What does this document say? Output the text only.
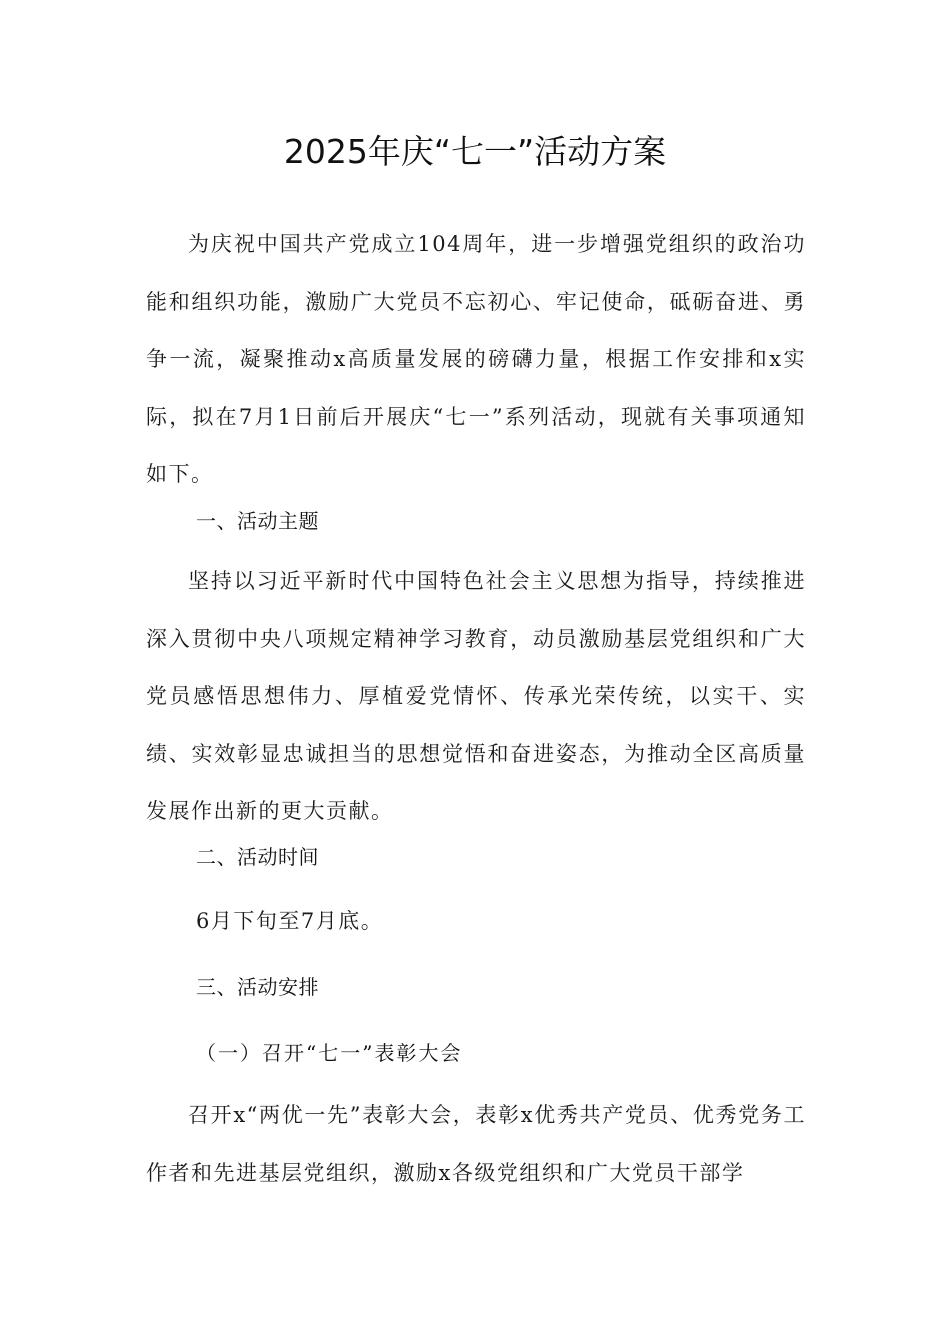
2025年庆“七一”活动方案
为庆祝中国共产党成立104周年，进一步增强党组织的政治功能和组织功能，激励广大党员不忘初心、牢记使命，砥砺奋进、勇争一流，凝聚推动x高质量发展的磅礴力量，根据工作安排和x实际，拟在7月1日前后开展庆“七一”系列活动，现就有关事项通知如下。
一、活动主题
坚持以习近平新时代中国特色社会主义思想为指导，持续推进深入贯彻中央八项规定精神学习教育，动员激励基层党组织和广大党员感悟思想伟力、厚植爱党情怀、传承光荣传统，以实干、实绩、实效彰显忠诚担当的思想觉悟和奋进姿态，为推动全区高质量发展作出新的更大贡献。
二、活动时间
6月下旬至7月底。
三、活动安排
（一）召开“七一”表彰大会
召开x“两优一先”表彰大会，表彰x优秀共产党员、优秀党务工作者和先进基层党组织，激励x各级党组织和广大党员干部学
